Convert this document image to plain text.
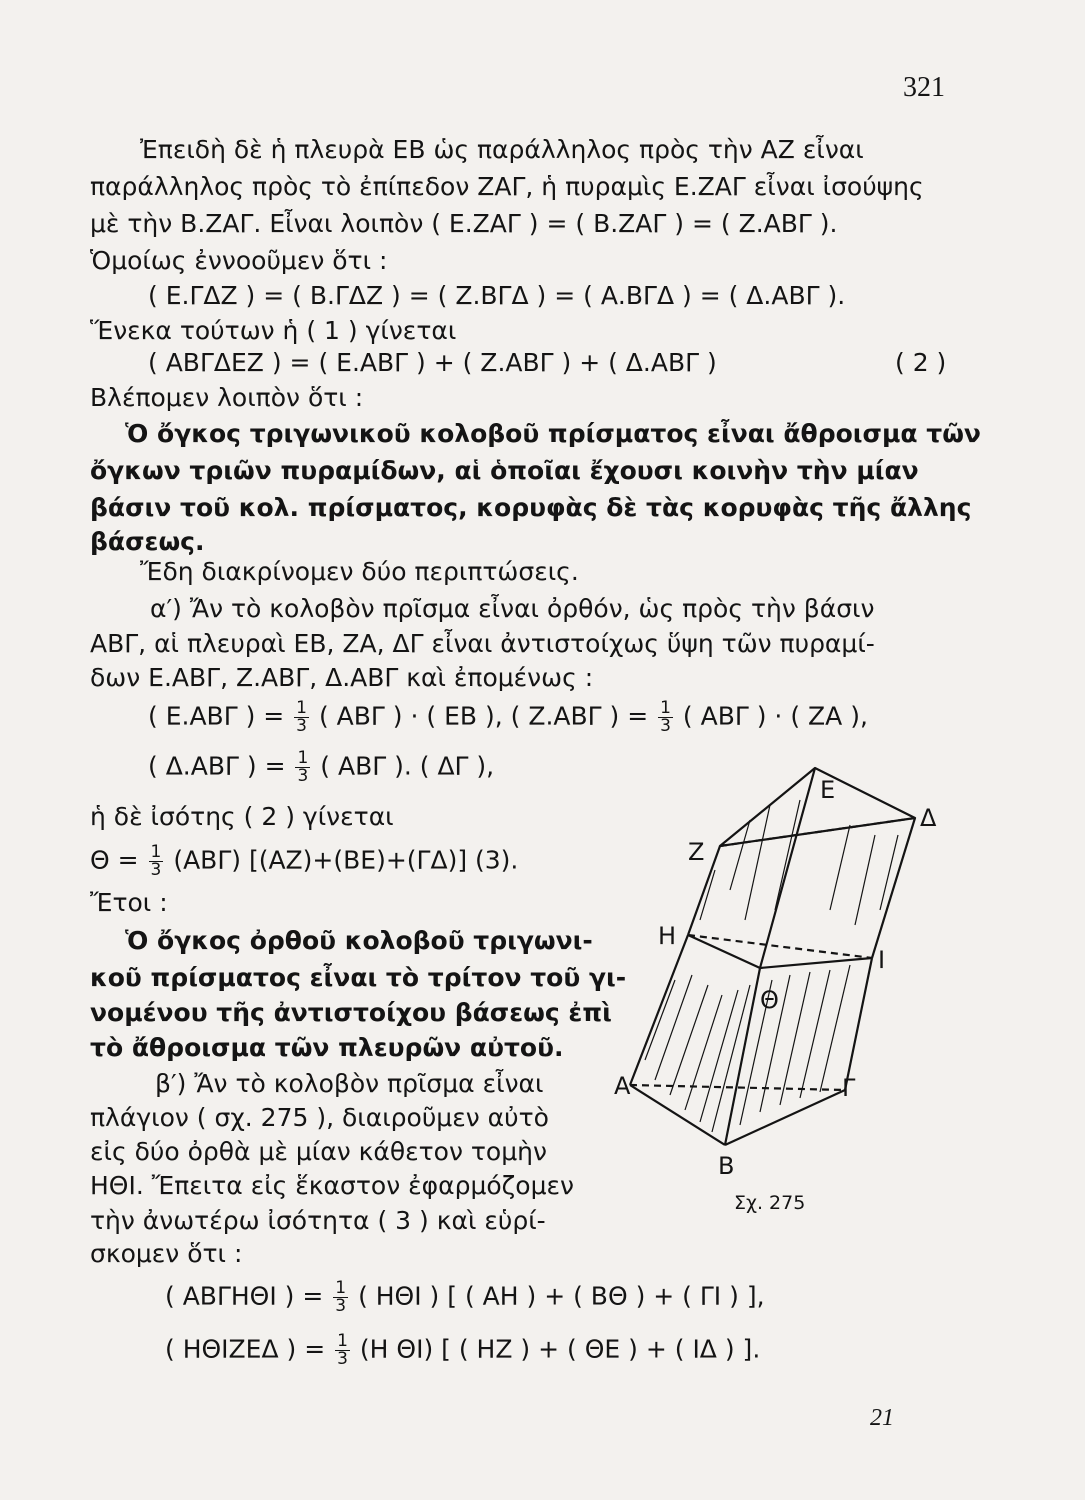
321
Ἐπειδὴ δὲ ἡ πλευρὰ ΕΒ ὡς παράλληλος πρὸς τὴν ΑΖ εἶναι
παράλληλος πρὸς τὸ ἐπίπεδον ΖΑΓ, ἡ πυραμὶς Ε.ΖΑΓ εἶναι ἰσούψης
μὲ τὴν Β.ΖΑΓ. Εἶναι λοιπὸν ( Ε.ΖΑΓ ) = ( Β.ΖΑΓ ) = ( Ζ.ΑΒΓ ).
Ὁμοίως ἐννοοῦμεν ὅτι :
( Ε.ΓΔΖ ) = ( Β.ΓΔΖ ) = ( Ζ.ΒΓΔ ) = ( Α.ΒΓΔ ) = ( Δ.ΑΒΓ ).
Ἕνεκα τούτων ἡ ( 1 ) γίνεται
( ΑΒΓΔΕΖ ) = ( Ε.ΑΒΓ ) + ( Ζ.ΑΒΓ ) + ( Δ.ΑΒΓ )	( 2 )
Βλέπομεν λοιπὸν ὅτι :
Ὁ ὄγκος τριγωνικοῦ κολοβοῦ πρίσματος εἶναι ἄθροισμα τῶν
ὄγκων τριῶν πυραμίδων, αἱ ὁποῖαι ἔχουσι κοινὴν τὴν μίαν
βάσιν τοῦ κολ. πρίσματος, κορυφὰς δὲ τὰς κορυφὰς τῆς ἄλλης
βάσεως.
Ἔδη διακρίνομεν δύο περιπτώσεις.
α′) Ἄν τὸ κολοβὸν πρῖσμα εἶναι ὀρθόν, ὡς πρὸς τὴν βάσιν
ΑΒΓ, αἱ πλευραὶ ΕΒ, ΖΑ, ΔΓ εἶναι ἀντιστοίχως ὕψη τῶν πυραμί-
δων Ε.ΑΒΓ, Ζ.ΑΒΓ, Δ.ΑΒΓ καὶ ἐπομένως :
( Ε.ΑΒΓ ) = $\frac{1}{3}$ ( ΑΒΓ ) · ( ΕΒ ), ( Ζ.ΑΒΓ ) = $\frac{1}{3}$ ( ΑΒΓ ) · ( ΖΑ ),
( Δ.ΑΒΓ ) = $\frac{1}{3}$ ( ΑΒΓ ). ( ΔΓ ),
ἡ δὲ ἰσότης ( 2 ) γίνεται
$\Theta = \frac{1}{3} (AB\Gamma)$ [(ΑΖ)+(ΒΕ)+(ΓΔ)] (3).
Ἔτοι :
Ὁ ὄγκος ὀρθοῦ κολοβοῦ τριγωνι-
κοῦ πρίσματος εἶναι τὸ τρίτον τοῦ γι-
νομένου τῆς ἀντιστοίχου βάσεως ἐπὶ
τὸ ἄθροισμα τῶν πλευρῶν αὐτοῦ.
β′) Ἄν τὸ κολοβὸν πρῖσμα εἶναι
πλάγιον ( σχ. 275 ), διαιροῦμεν αὐτὸ
εἰς δύο ὀρθὰ μὲ μίαν κάθετον τομὴν
ΗΘΙ. Ἔπειτα εἰς ἕκαστον ἐφαρμόζομεν
τὴν ἀνωτέρω ἰσότητα ( 3 ) καὶ εὑρί-
σκομεν ὅτι :
( ΑΒΓΗΘΙ ) = $\frac{1}{3}$ ( ΗΘΙ ) [ ( ΑΗ ) + ( ΒΘ ) + ( ΓΙ ) ],
( ΗΘΙΖΕΔ ) = $\frac{1}{3} (H$ ΘΙ) [ ( ΗΖ ) + ( ΘΕ ) + ( ΙΔ ) ].
Ε
Δ
Ζ
Η
Ι
Θ
Α	Γ
Β
Σχ. 275
21
